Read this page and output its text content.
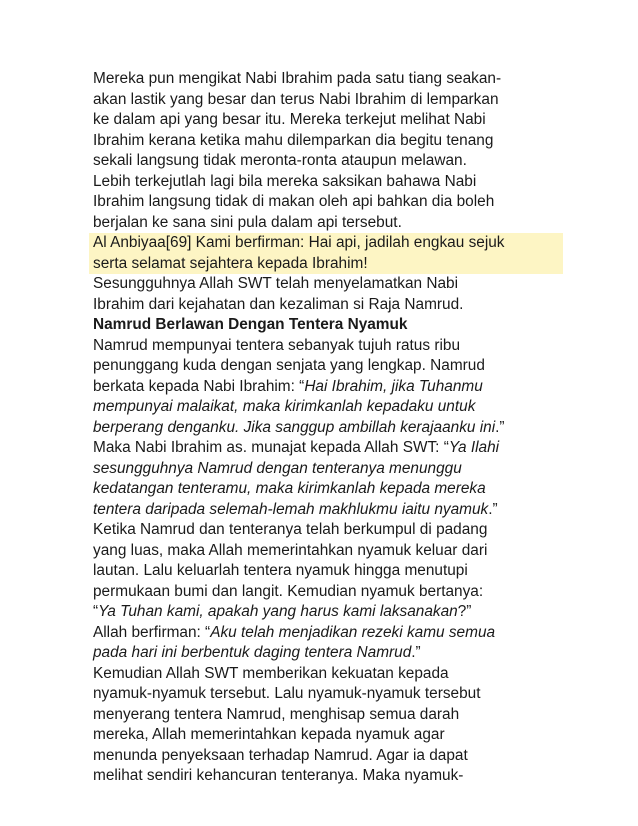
Mereka pun mengikat Nabi Ibrahim pada satu tiang seakan-
akan lastik yang besar dan terus Nabi Ibrahim di lemparkan
ke dalam api yang besar itu. Mereka terkejut melihat Nabi
Ibrahim kerana ketika mahu dilemparkan dia begitu tenang
sekali langsung tidak meronta-ronta ataupun melawan.
Lebih terkejutlah lagi bila mereka saksikan bahawa Nabi
Ibrahim langsung tidak di makan oleh api bahkan dia boleh
berjalan ke sana sini pula dalam api tersebut.
Al Anbiyaa[69] Kami berfirman: Hai api, jadilah engkau sejuk
serta selamat sejahtera kepada Ibrahim!
Sesungguhnya Allah SWT telah menyelamatkan Nabi
Ibrahim dari kejahatan dan kezaliman si Raja Namrud.
Namrud Berlawan Dengan Tentera Nyamuk
Namrud mempunyai tentera sebanyak tujuh ratus ribu
penunggang kuda dengan senjata yang lengkap. Namrud
berkata kepada Nabi Ibrahim: “Hai Ibrahim, jika Tuhanmu
mempunyai malaikat, maka kirimkanlah kepadaku untuk
berperang denganku. Jika sanggup ambillah kerajaanku ini.”
Maka Nabi Ibrahim as. munajat kepada Allah SWT: “Ya Ilahi
sesungguhnya Namrud dengan tenteranya menunggu
kedatangan tenteramu, maka kirimkanlah kepada mereka
tentera daripada selemah-lemah makhlukmu iaitu nyamuk.”
Ketika Namrud dan tenteranya telah berkumpul di padang
yang luas, maka Allah memerintahkan nyamuk keluar dari
lautan. Lalu keluarlah tentera nyamuk hingga menutupi
permukaan bumi dan langit. Kemudian nyamuk bertanya:
“Ya Tuhan kami, apakah yang harus kami laksanakan?”
Allah berfirman: “Aku telah menjadikan rezeki kamu semua
pada hari ini berbentuk daging tentera Namrud.”
Kemudian Allah SWT memberikan kekuatan kepada
nyamuk-nyamuk tersebut. Lalu nyamuk-nyamuk tersebut
menyerang tentera Namrud, menghisap semua darah
mereka, Allah memerintahkan kepada nyamuk agar
menunda penyeksaan terhadap Namrud. Agar ia dapat
melihat sendiri kehancuran tenteranya. Maka nyamuk-
